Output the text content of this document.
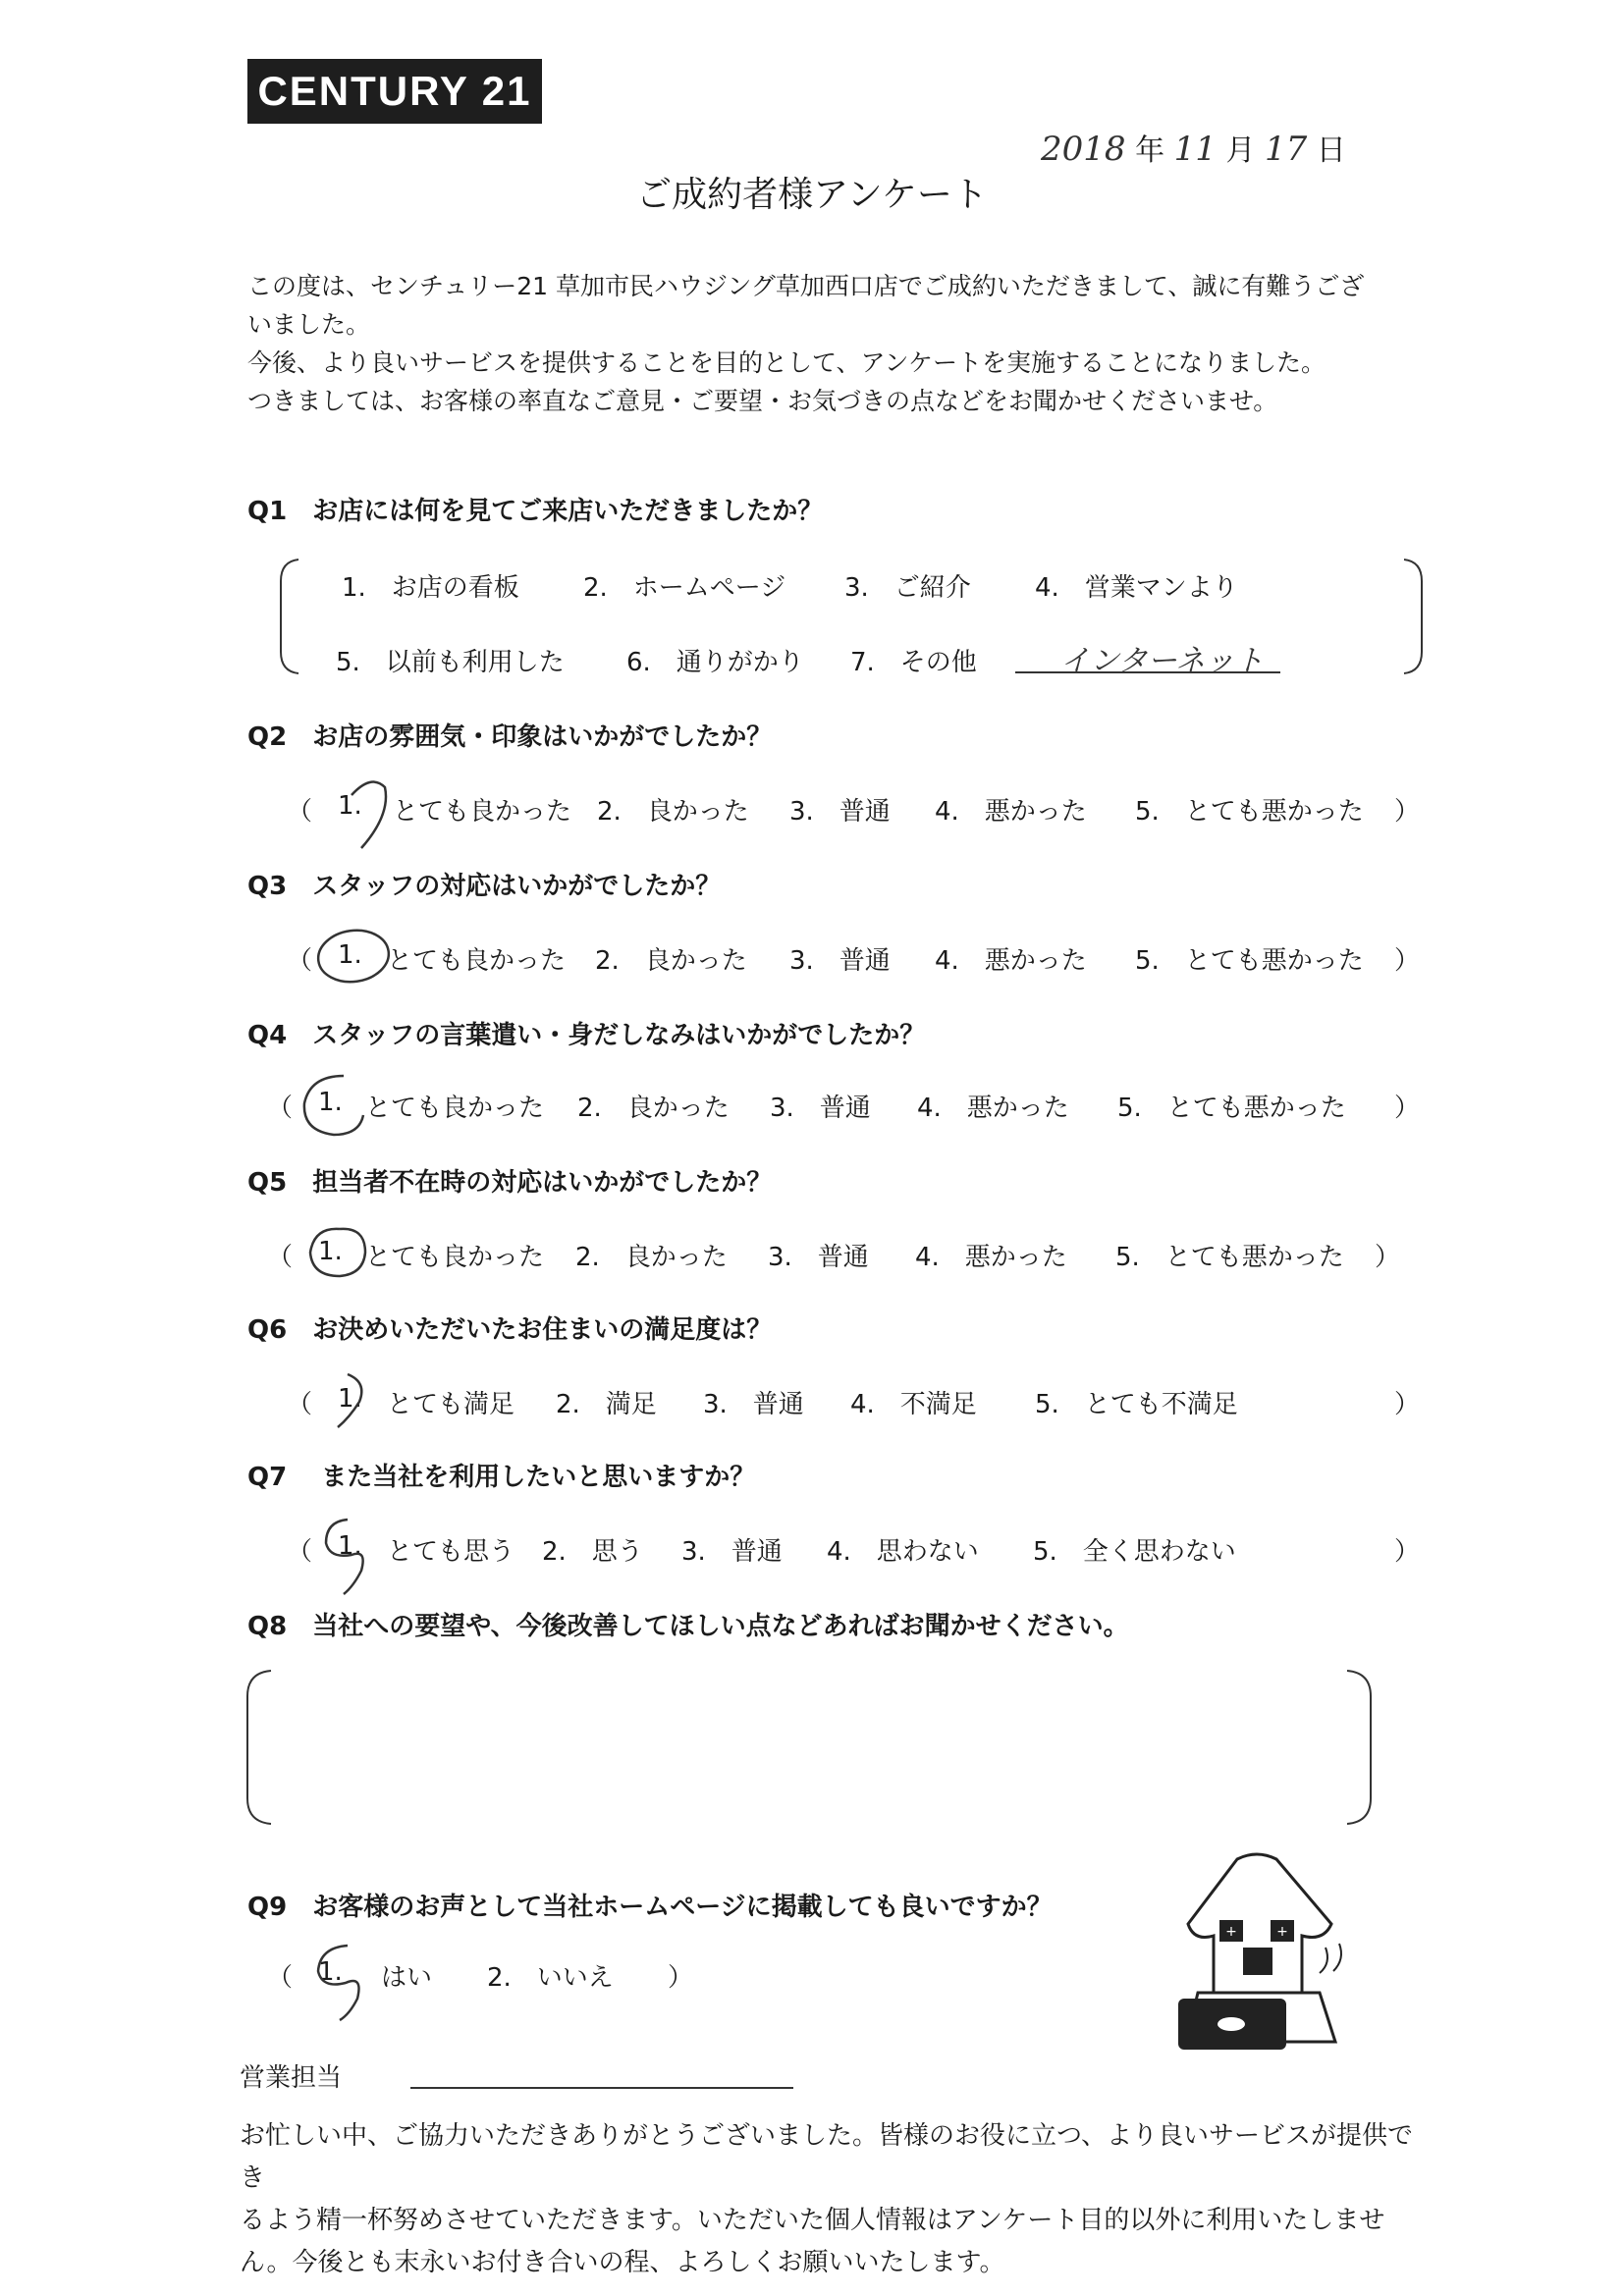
CENTURY 21
2018 年 11 月 17 日
ご成約者様アンケート
この度は、センチュリー21 草加市民ハウジング草加西口店でご成約いただきまして、誠に有難うござ
いました。
今後、より良いサービスを提供することを目的として、アンケートを実施することになりました。
つきましては、お客様の率直なご意見・ご要望・お気づきの点などをお聞かせくださいませ。
Q1　お店には何を見てご来店いただきましたか？
1.　お店の看板	2.　ホームページ 3.　ご紹介	4.　営業マンより
5.　以前も利用した 6.　通りがかり 7.　その他	インターネット
Q2　お店の雰囲気・印象はいかがでしたか？
（ 1. とても良かった 2.　良かった 3.　普通 4.　悪かった 5.　とても悪かった ）
Q3　スタッフの対応はいかがでしたか？
（ 1. とても良かった 2.　良かった 3.　普通 4.　悪かった 5.　とても悪かった ）
Q4　スタッフの言葉遣い・身だしなみはいかがでしたか？
（ 1. とても良かった 2.　良かった 3.　普通 4.　悪かった 5.　とても悪かった ）
Q5　担当者不在時の対応はいかがでしたか？
（ 1. とても良かった 2.　良かった 3.　普通 4.　悪かった 5.　とても悪かった ）
Q6　お決めいただいたお住まいの満足度は？
（ 1. とても満足 2.　満足 3.　普通 4.　不満足 5.　とても不満足	）
Q7　 また当社を利用したいと思いますか？
（ 1. とても思う 2.　思う 3.　普通 4.　思わない 5.　全く思わない	）
Q8　当社への要望や、今後改善してほしい点などあればお聞かせください。
Q9　お客様のお声として当社ホームページに掲載しても良いですか？
（ 1. はい 2.　いいえ ）
+	+
営業担当
お忙しい中、ご協力いただきありがとうございました。皆様のお役に立つ、より良いサービスが提供でき
るよう精一杯努めさせていただきます。いただいた個人情報はアンケート目的以外に利用いたしませ
ん。今後とも末永いお付き合いの程、よろしくお願いいたします。
